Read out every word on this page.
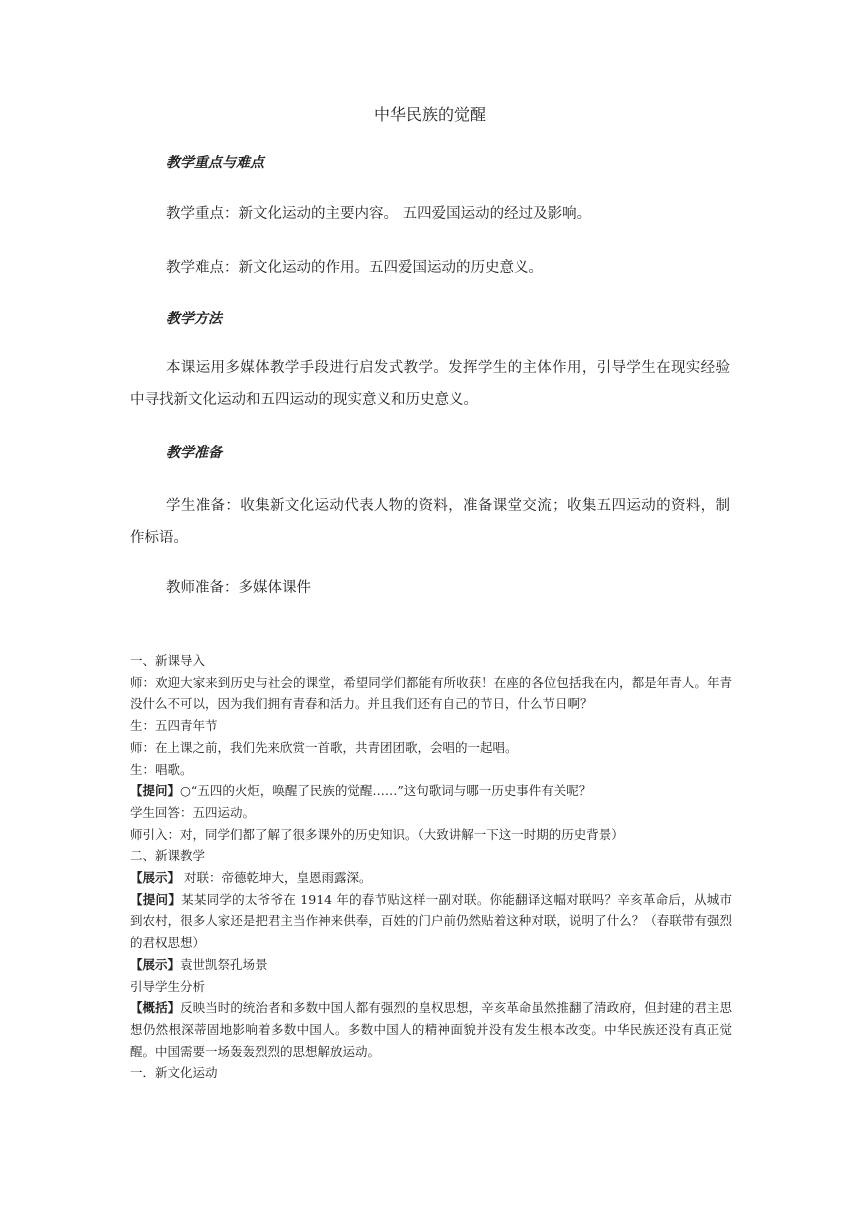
中华民族的觉醒
教学重点与难点
教学重点：新文化运动的主要内容。 五四爱国运动的经过及影响。
教学难点：新文化运动的作用。五四爱国运动的历史意义。
教学方法

本课运用多媒体教学手段进行启发式教学。发挥学生的主体作用，引导学生在现实经验中寻找新文化运动和五四运动的现实意义和历史意义。

教学准备

学生准备：收集新文化运动代表人物的资料，准备课堂交流；收集五四运动的资料，制作标语。

教师准备：多媒体课件

一、新课导入

师：欢迎大家来到历史与社会的课堂，希望同学们都能有所收获！在座的各位包括我在内，都是年青人。年青没什么不可以，因为我们拥有青春和活力。并且我们还有自己的节日，什么节日啊？

生：五四青年节

师：在上课之前，我们先来欣赏一首歌，共青团团歌，会唱的一起唱。

生：唱歌。

【提问】○“五四的火炬，唤醒了民族的觉醒……”这句歌词与哪一历史事件有关呢？

学生回答：五四运动。

师引入：对，同学们都了解了很多课外的历史知识。（大致讲解一下这一时期的历史背景）

二、新课教学

【展示】 对联：帝德乾坤大，皇恩雨露深。

【提问】某某同学的太爷爷在 1914 年的春节贴这样一副对联。你能翻译这幅对联吗？辛亥革命后，从城市到农村，很多人家还是把君主当作神来供奉，百姓的门户前仍然贴着这种对联，说明了什么？（春联带有强烈的君权思想）

【展示】袁世凯祭孔场景

引导学生分析

【概括】反映当时的统治者和多数中国人都有强烈的皇权思想，辛亥革命虽然推翻了清政府，但封建的君主思想仍然根深蒂固地影响着多数中国人。多数中国人的精神面貌并没有发生根本改变。中华民族还没有真正觉醒。中国需要一场轰轰烈烈的思想解放运动。

一．新文化运动
